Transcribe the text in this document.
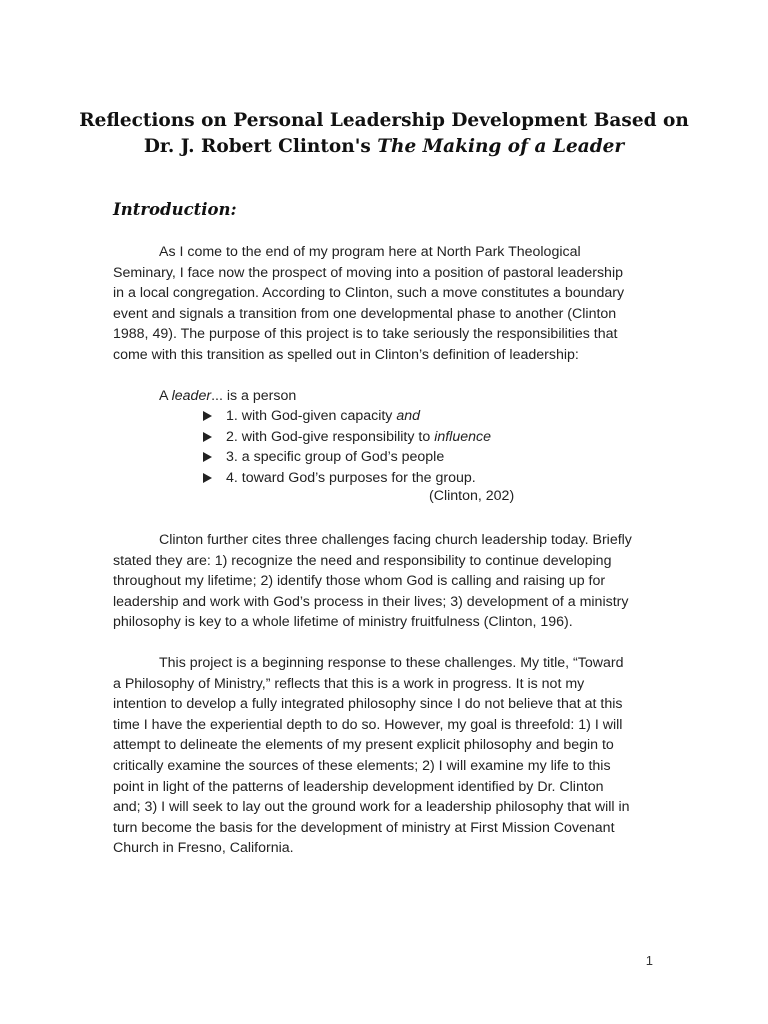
Reflections on Personal Leadership Development Based on
Dr. J. Robert Clinton's The Making of a Leader
Introduction:

As I come to the end of my program here at North Park Theological Seminary, I face now the prospect of moving into a position of pastoral leadership in a local congregation. According to Clinton, such a move constitutes a boundary event and signals a transition from one developmental phase to another (Clinton 1988, 49). The purpose of this project is to take seriously the responsibilities that come with this transition as spelled out in Clinton’s definition of leadership:

A leader... is a person

1. with God-given capacity and
2. with God-give responsibility to influence
3. a specific group of God’s people
4. toward God’s purposes for the group.
(Clinton, 202)

Clinton further cites three challenges facing church leadership today. Briefly stated they are: 1) recognize the need and responsibility to continue developing throughout my lifetime; 2) identify those whom God is calling and raising up for leadership and work with God’s process in their lives; 3) development of a ministry philosophy is key to a whole lifetime of ministry fruitfulness (Clinton, 196).

This project is a beginning response to these challenges. My title, “Toward a Philosophy of Ministry,” reflects that this is a work in progress. It is not my intention to develop a fully integrated philosophy since I do not believe that at this time I have the experiential depth to do so. However, my goal is threefold: 1) I will attempt to delineate the elements of my present explicit philosophy and begin to critically examine the sources of these elements; 2) I will examine my life to this point in light of the patterns of leadership development identified by Dr. Clinton and; 3) I will seek to lay out the ground work for a leadership philosophy that will in turn become the basis for the development of ministry at First Mission Covenant Church in Fresno, California.

1
